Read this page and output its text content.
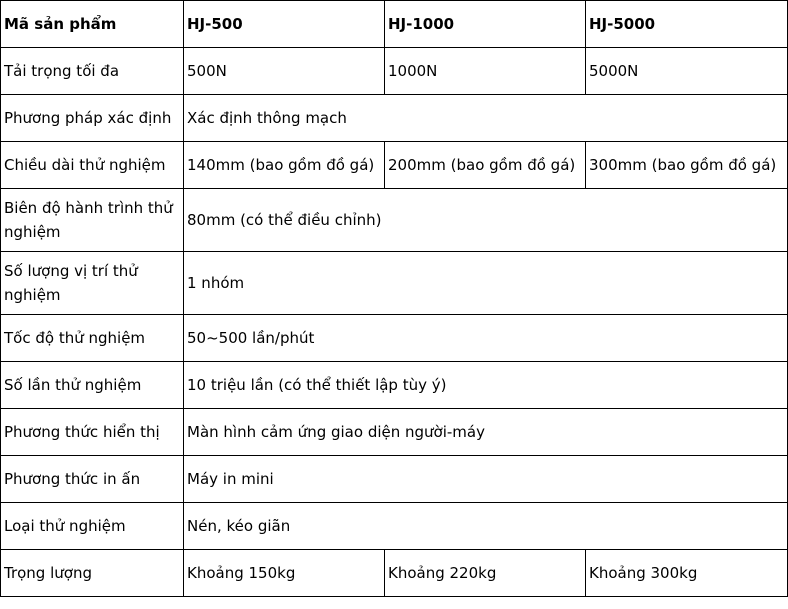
Mã sản phẩm	HJ-500	HJ-1000	HJ-5000
Tải trọng tối đa	500N	1000N	5000N
Phương pháp xác định	Xác định thông mạch		
Chiều dài thử nghiệm	140mm (bao gồm đồ gá)	200mm (bao gồm đồ gá)	300mm (bao gồm đồ gá)
Biên độ hành trình thử nghiệm	80mm (có thể điều chỉnh)		
Số lượng vị trí thử nghiệm	1 nhóm		
Tốc độ thử nghiệm	50~500 lần/phút		
Số lần thử nghiệm	10 triệu lần (có thể thiết lập tùy ý)		
Phương thức hiển thị	Màn hình cảm ứng giao diện người-máy		
Phương thức in ấn	Máy in mini		
Loại thử nghiệm	Nén, kéo giãn		
Trọng lượng	Khoảng 150kg	Khoảng 220kg	Khoảng 300kg
